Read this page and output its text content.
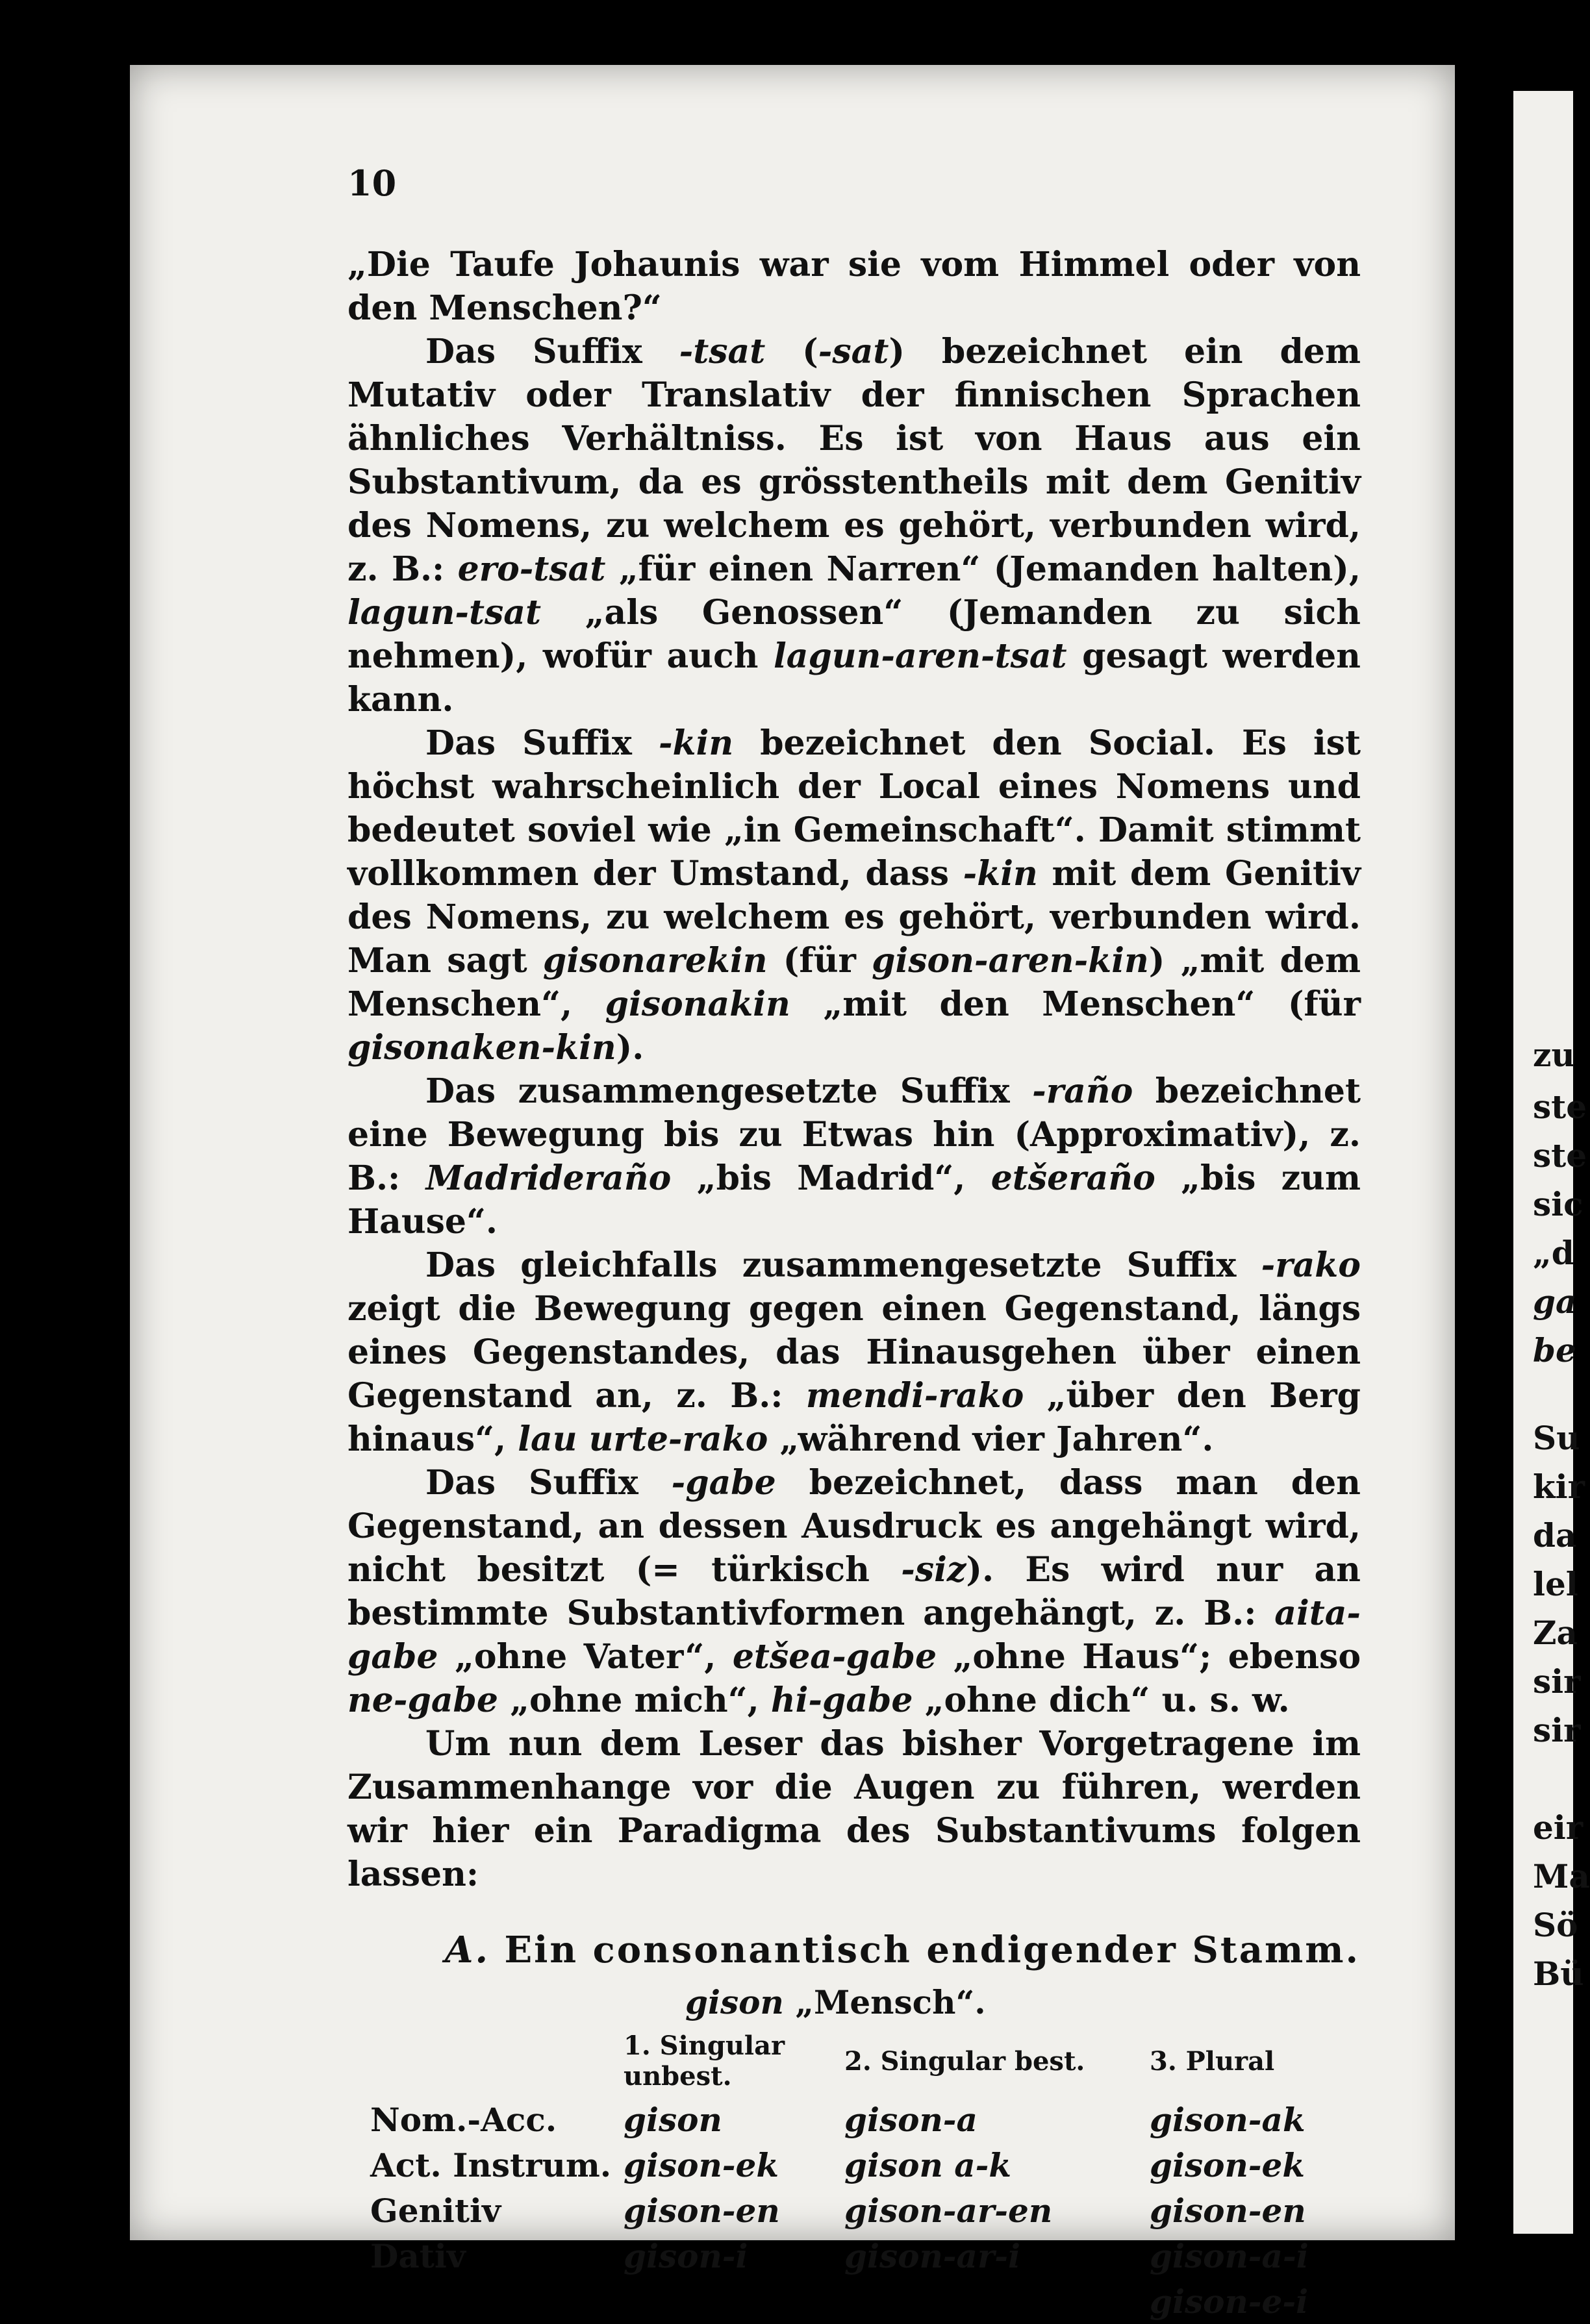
zu
ste
ste
sic
„d
ga
be
Su
kir
da
lel
Za
sir
sir
eir
Ma
Sö
Bü
10

„Die Taufe Johaunis war sie vom Himmel oder von den Menschen?“

Das Suffix -tsat (-sat) bezeichnet ein dem Mutativ oder Translativ der finnischen Sprachen ähnliches Verhältniss. Es ist von Haus aus ein Substantivum, da es grösstentheils mit dem Genitiv des Nomens, zu welchem es gehört, verbunden wird, z. B.: ero-tsat „für einen Narren“ (Jemanden halten), lagun-tsat „als Genossen“ (Jemanden zu sich nehmen), wofür auch lagun-aren-tsat gesagt werden kann.

Das Suffix -kin bezeichnet den Social. Es ist höchst wahrscheinlich der Local eines Nomens und bedeutet soviel wie „in Gemeinschaft“. Damit stimmt vollkommen der Umstand, dass -kin mit dem Genitiv des Nomens, zu welchem es gehört, verbunden wird. Man sagt gisonarekin (für gison-aren-kin) „mit dem Menschen“, gisonakin „mit den Menschen“ (für gisonaken-kin).

Das zusammengesetzte Suffix -raño bezeichnet eine Bewegung bis zu Etwas hin (Approximativ), z. B.: Madrideraño „bis Madrid“, etšeraño „bis zum Hause“.

Das gleichfalls zusammengesetzte Suffix -rako zeigt die Bewegung gegen einen Gegenstand, längs eines Gegenstandes, das Hinausgehen über einen Gegenstand an, z. B.: mendi-rako „über den Berg hinaus“, lau urte-rako „während vier Jahren“.

Das Suffix -gabe bezeichnet, dass man den Gegenstand, an dessen Ausdruck es angehängt wird, nicht besitzt (= türkisch -siz). Es wird nur an bestimmte Substantivformen angehängt, z. B.: aita-gabe „ohne Vater“, etšea-gabe „ohne Haus“; ebenso ne-gabe „ohne mich“, hi-gabe „ohne dich“ u. s. w.

Um nun dem Leser das bisher Vorgetragene im Zusammenhange vor die Augen zu führen, werden wir hier ein Paradigma des Substantivums folgen lassen:

A. Ein consonantisch endigender Stamm.
gison „Mensch“.
	1. Singular unbest.	2. Singular best.	3. Plural
Nom.-Acc.	gison	gison-a	gison-ak
Act. Instrum.	gison-ek	gison a-k	gison-ek
Genitiv	gison-en	gison-ar-en	gison-en
Dativ	gison-i	gison-ar-i	gison-a-i
			gison-e-i
